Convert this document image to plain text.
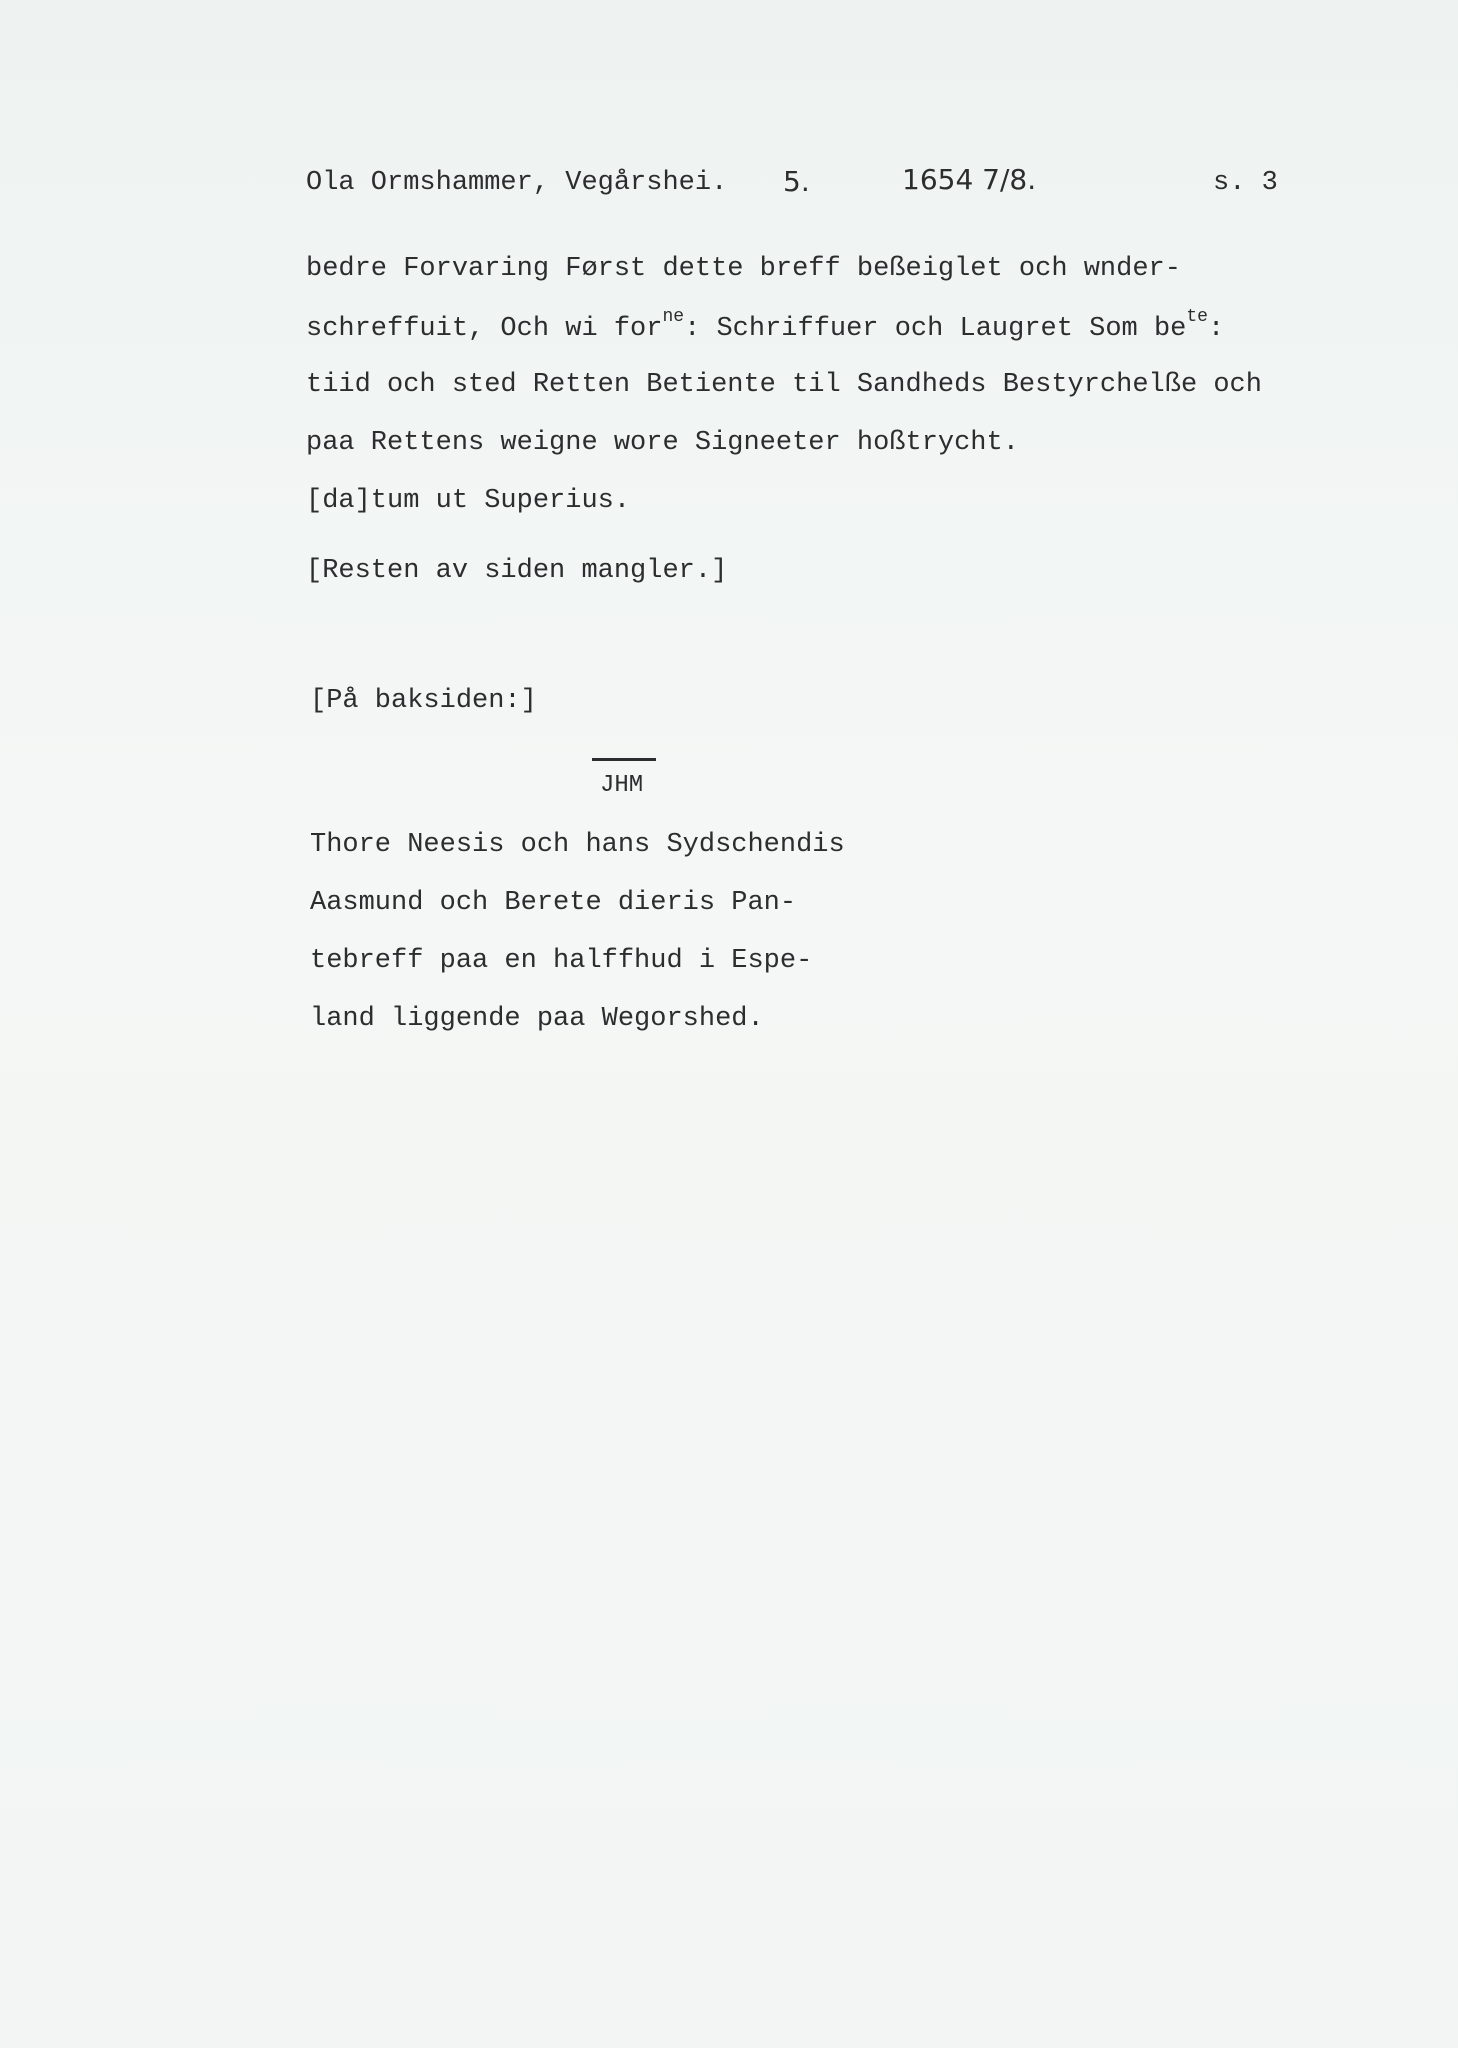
Ola Ormshammer, Vegårshei. 5.	1654 7/8.	s. 3
bedre Forvaring Først dette breff beßeiglet och wnder-
schreffuit, Och wi for$^{ne}$: Schriffuer och Laugret Som $be^{te}$:
tiid och sted Retten Betiente til Sandheds Bestyrchelße och
paa Rettens weigne wore Signeeter hoßtrycht.
[da]tum ut Superius.
[Resten av siden mangler.]
[På baksiden:]
JHM
Thore Neesis och hans Sydschendis
Aasmund och Berete dieris Pan-
tebreff paa en halffhud i Espe-
land liggende paa Wegorshed.
